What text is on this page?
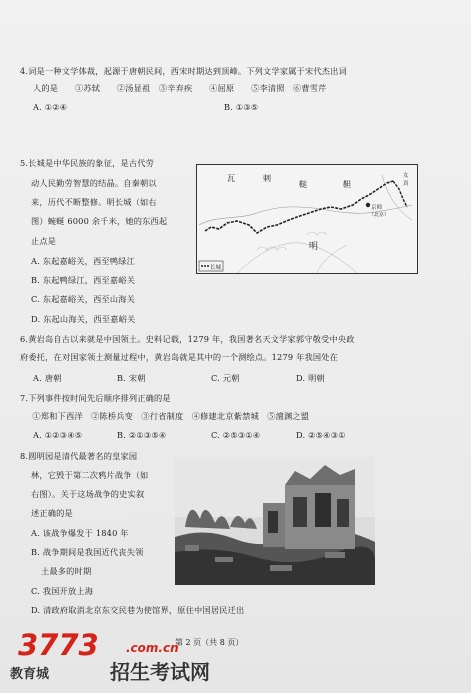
4.词是一种文学体裁，起源于唐朝民间，西宋时期达到顶峰。下列文学家属于宋代杰出词
人的是　　①苏轼　　②汤显祖　③辛弃疾　　④屈原　　⑤李清照　⑥曹雪芹
A. ①②④	B. ①③⑤
5.长城是中华民族的象征，是古代劳
动人民勤劳智慧的结晶。自秦朝以
来，历代不断整修。明长城（如右
图）蜿蜒 6000 余千米，她的东西起
止点是
A. 东起嘉峪关，西至鸭绿江
B. 东起鸭绿江，西至嘉峪关
C. 东起嘉峪关，西至山海关
D. 东起山海关，西至嘉峪关
长城
瓦	剌
鞑	靼
明
京师
（北京）
女
真
6.黄岩岛自古以来就是中国领土。史料记载，1279 年，我国著名天文学家郭守敬受中央政
府委托，在对国家领土测量过程中，黄岩岛就是其中的一个测绘点。1279 年我国处在
A. 唐朝	B. 宋朝	C. 元朝	D. 明朝
7.下列事件按时间先后顺序排列正确的是
　①郑和下西洋　②陈桥兵变　③行省制度　④修建北京紫禁城　⑤澶渊之盟
A. ①②③④⑤	B. ②①③⑤④	C. ②⑤③①④	D. ②⑤④③①
8.圆明园是清代最著名的皇家园
林，它毁于第二次鸦片战争（如
右图）。关于这场战争的史实叙
述正确的是
A. 该战争爆发于 1840 年
B. 战争期间是我国近代丧失领
土最多的时期
C. 我国开放上海
D. 清政府取消北京东交民巷为使馆界，原住中国居民迁出
第 2 页（共 8 页）
3773 .com.cn
教育城	招生考试网
